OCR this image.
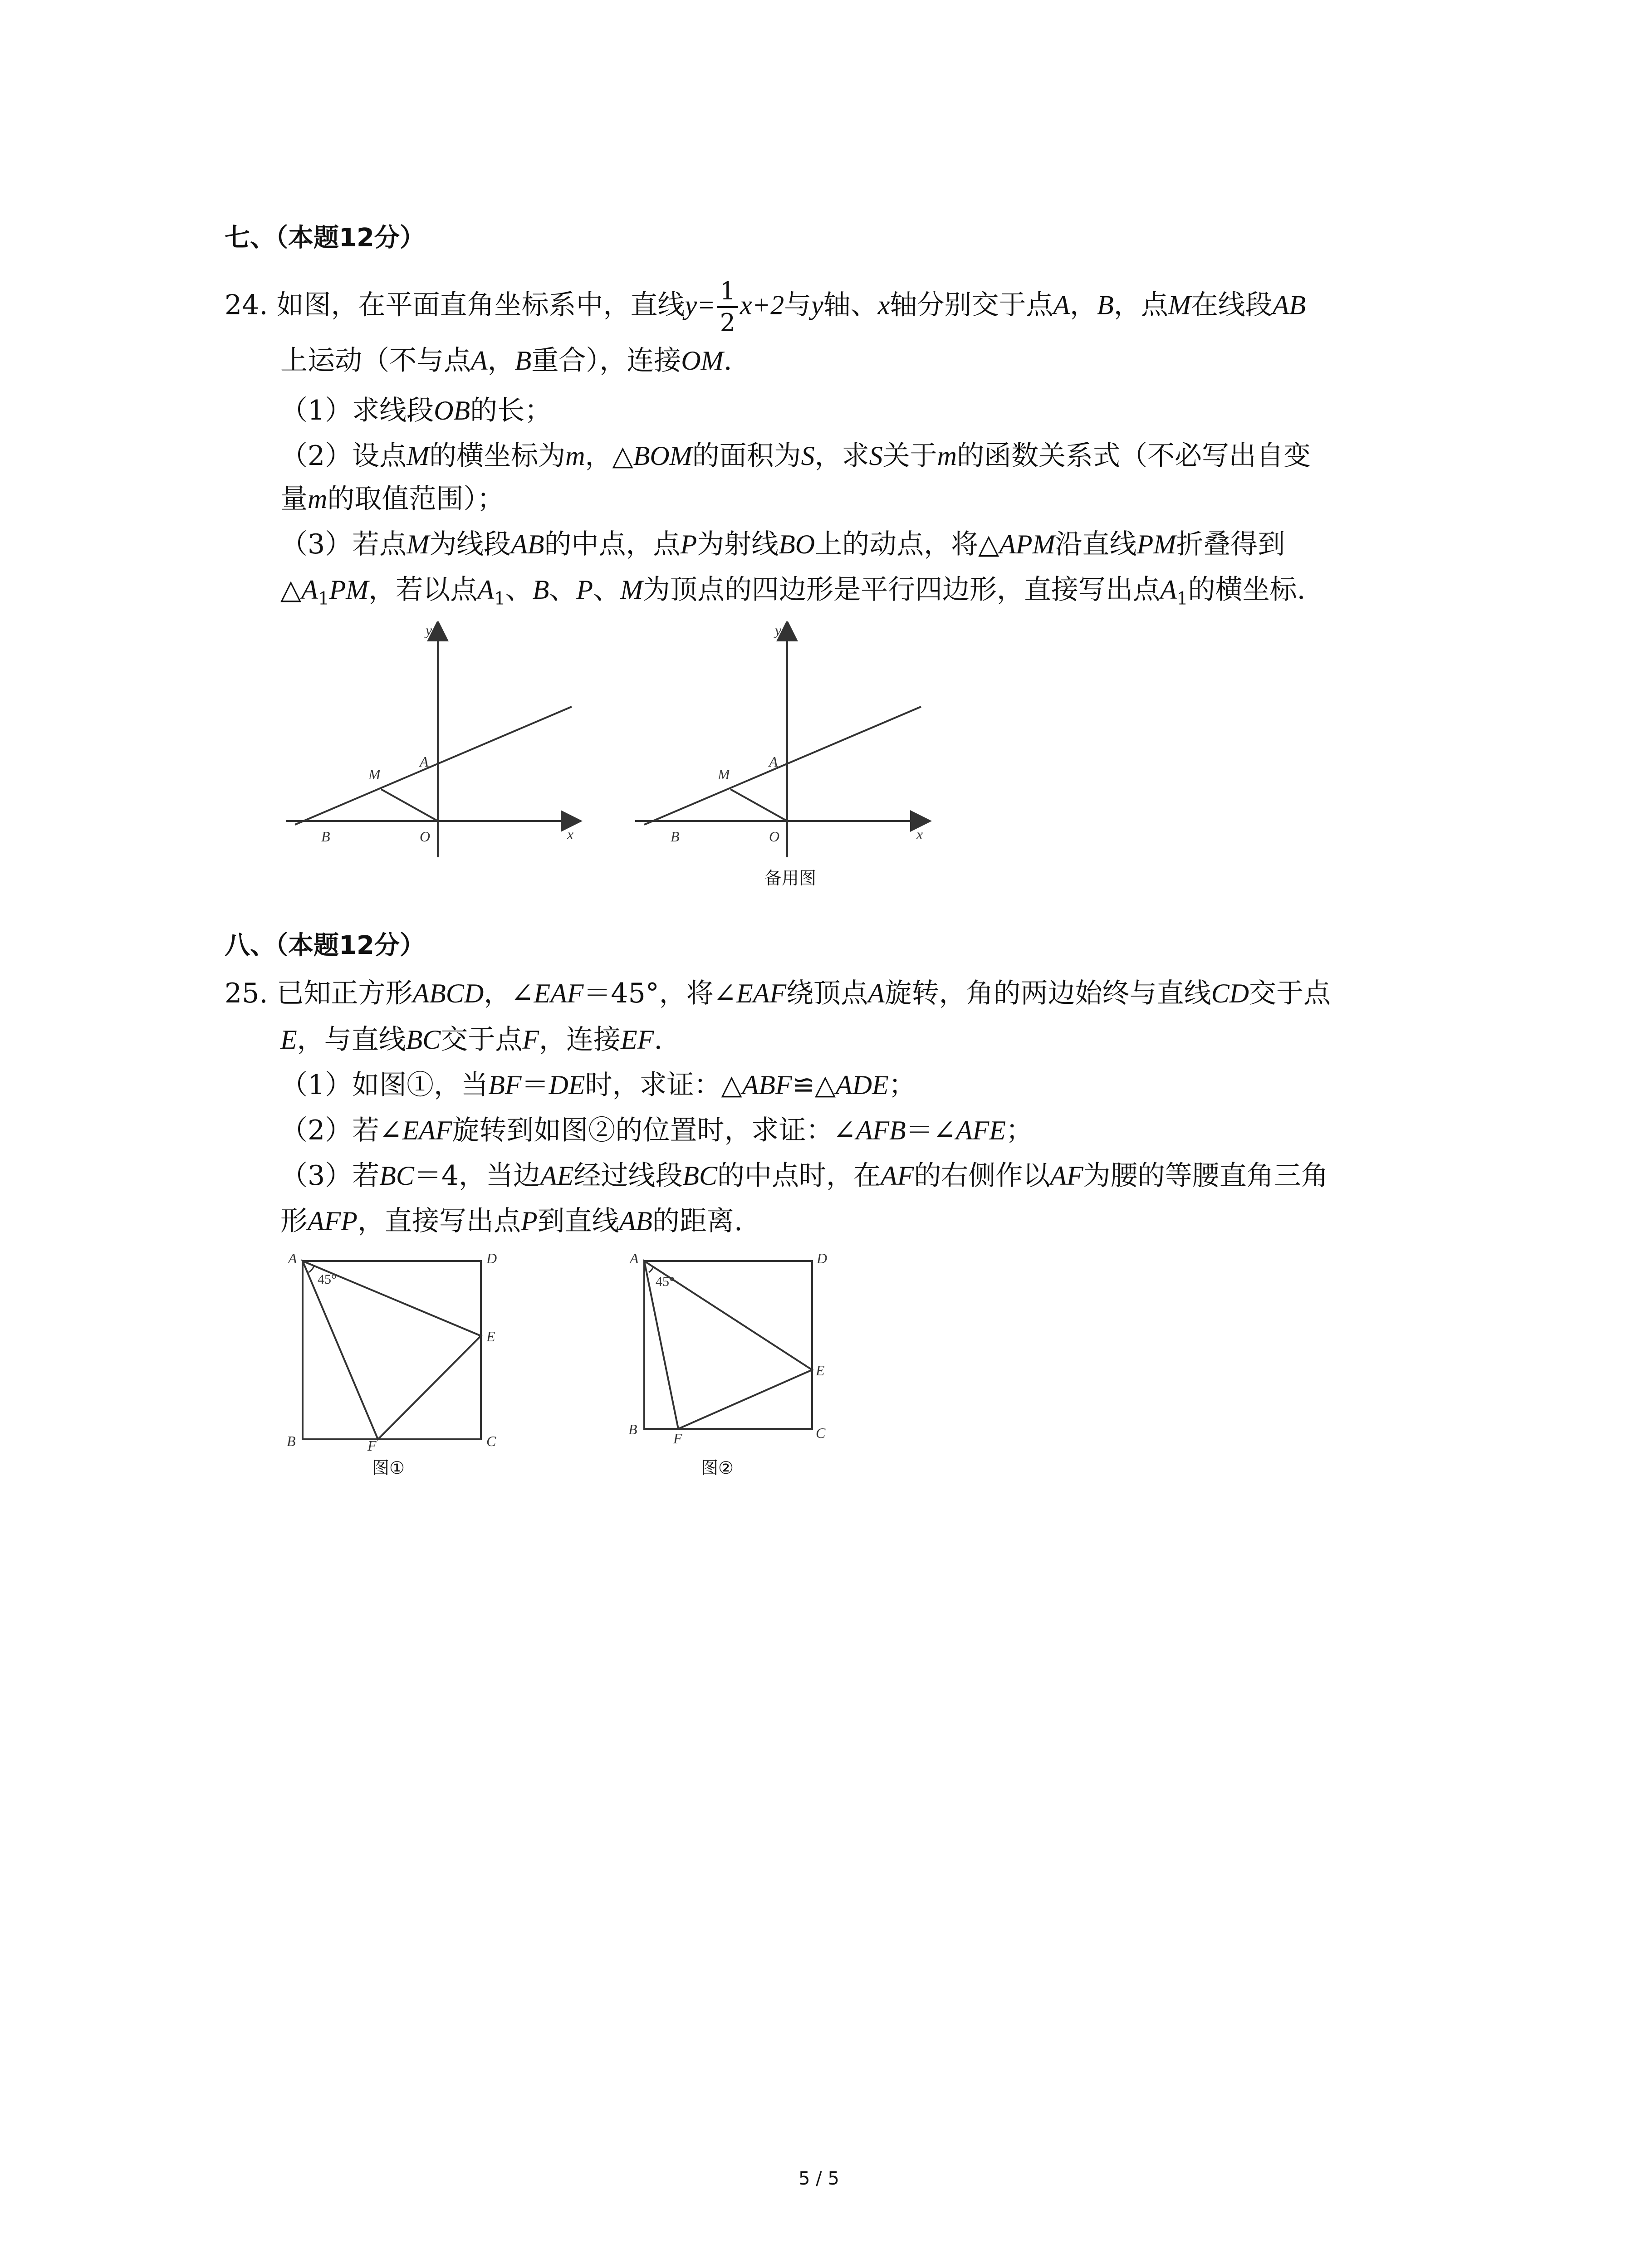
七、（本题12分）
24. 如图，在平面直角坐标系中，直线$y= \frac{1}{2} x+2$与y轴、x轴分别交于点A，B，点M在线段AB
上运动（不与点A，B重合），连接OM.
（1）求线段OB的长；
（2）设点M的横坐标为m，△BOM的面积为S，求S关于m的函数关系式（不必写出自变
量m的取值范围）；
（3）若点M为线段AB的中点，点P为射线BO上的动点，将△APM沿直线PM折叠得到
$\triangle A_1PM$，若以点$A_1$、B、P、M为顶点的四边形是平行四边形，直接写出点$A_1$的横坐标.
y
x
A
M
B	O
y
x
A
M
B	O
备用图
八、（本题12分）
25. 已知正方形ABCD，∠EAF＝45°，将∠EAF绕顶点A旋转，角的两边始终与直线CD交于点
E，与直线BC交于点F，连接EF.
（1）如图①，当BF＝DE时，求证：△ABF≌△ADE；
（2）若∠EAF旋转到如图②的位置时，求证：∠AFB＝∠AFE；
（3）若BC＝4，当边AE经过线段BC的中点时，在AF的右侧作以AF为腰的等腰直角三角
形AFP，直接写出点P到直线AB的距离.
A	D
E
B	C
F
45°
图①
A	D
E
B	C
F
45°
图②
5 / 5
